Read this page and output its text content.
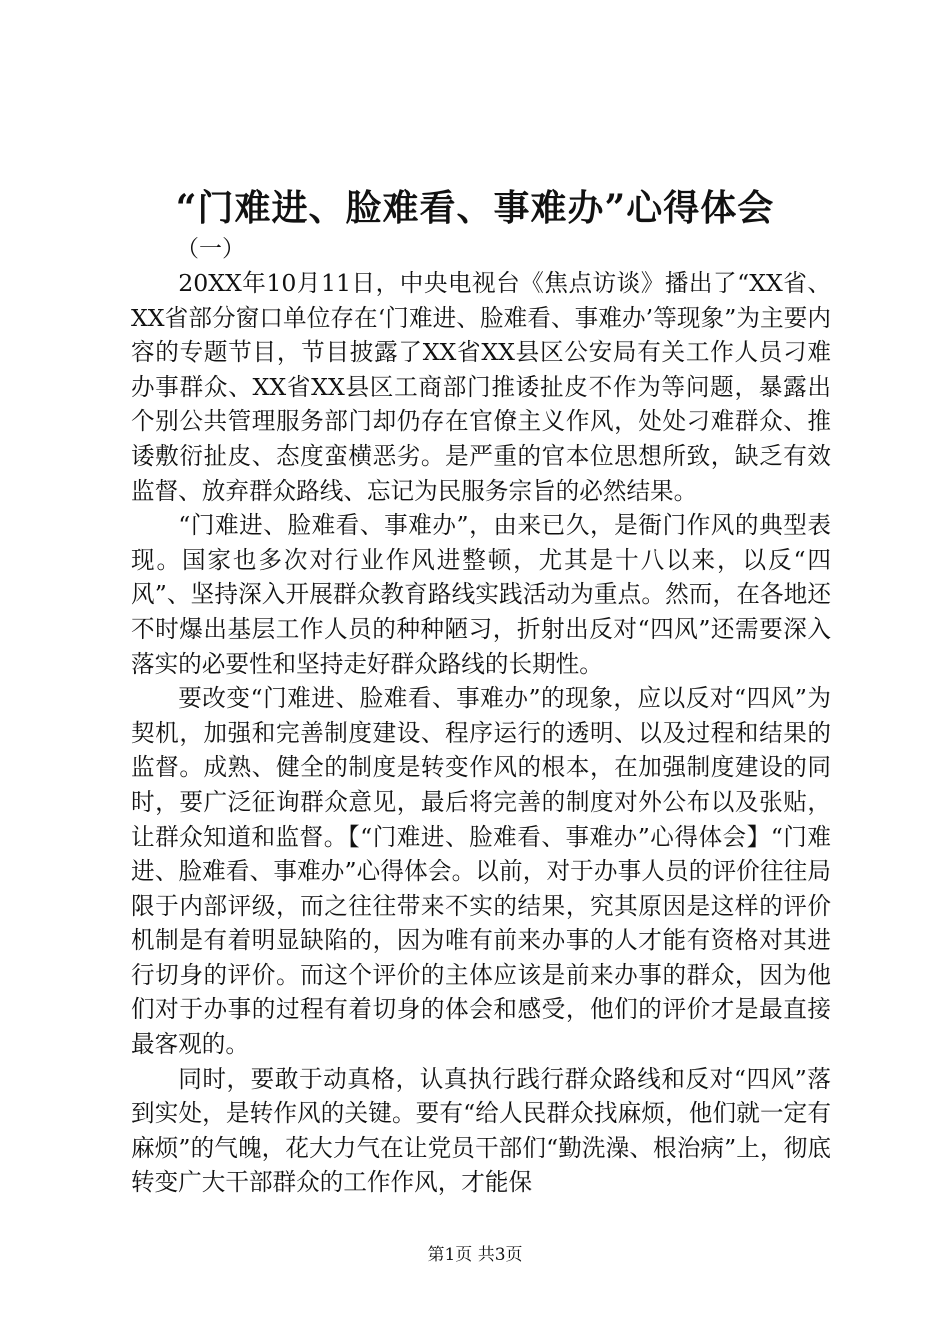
“门难进、脸难看、事难办”心得体会
（一）

20XX年10月11日，中央电视台《焦点访谈》播出了“XX省、XX省部分窗口单位存在‘门难进、脸难看、事难办’等现象”为主要内容的专题节目，节目披露了XX省XX县区公安局有关工作人员刁难办事群众、XX省XX县区工商部门推诿扯皮不作为等问题，暴露出个别公共管理服务部门却仍存在官僚主义作风，处处刁难群众、推诿敷衍扯皮、态度蛮横恶劣。是严重的官本位思想所致，缺乏有效监督、放弃群众路线、忘记为民服务宗旨的必然结果。

“门难进、脸难看、事难办”，由来已久，是衙门作风的典型表现。国家也多次对行业作风进整顿，尤其是十八以来，以反“四风”、坚持深入开展群众教育路线实践活动为重点。然而，在各地还不时爆出基层工作人员的种种陋习，折射出反对“四风”还需要深入落实的必要性和坚持走好群众路线的长期性。

要改变“门难进、脸难看、事难办”的现象，应以反对“四风”为契机，加强和完善制度建设、程序运行的透明、以及过程和结果的监督。成熟、健全的制度是转变作风的根本，在加强制度建设的同时，要广泛征询群众意见，最后将完善的制度对外公布以及张贴，让群众知道和监督。【“门难进、脸难看、事难办”心得体会】“门难进、脸难看、事难办”心得体会。以前，对于办事人员的评价往往局限于内部评级，而之往往带来不实的结果，究其原因是这样的评价机制是有着明显缺陷的，因为唯有前来办事的人才能有资格对其进行切身的评价。而这个评价的主体应该是前来办事的群众，因为他们对于办事的过程有着切身的体会和感受，他们的评价才是最直接最客观的。

同时，要敢于动真格，认真执行践行群众路线和反对“四风”落到实处，是转作风的关键。要有“给人民群众找麻烦，他们就一定有麻烦”的气魄，花大力气在让党员干部们“勤洗澡、根治病”上，彻底转变广大干部群众的工作作风，才能保

第1页 共3页
